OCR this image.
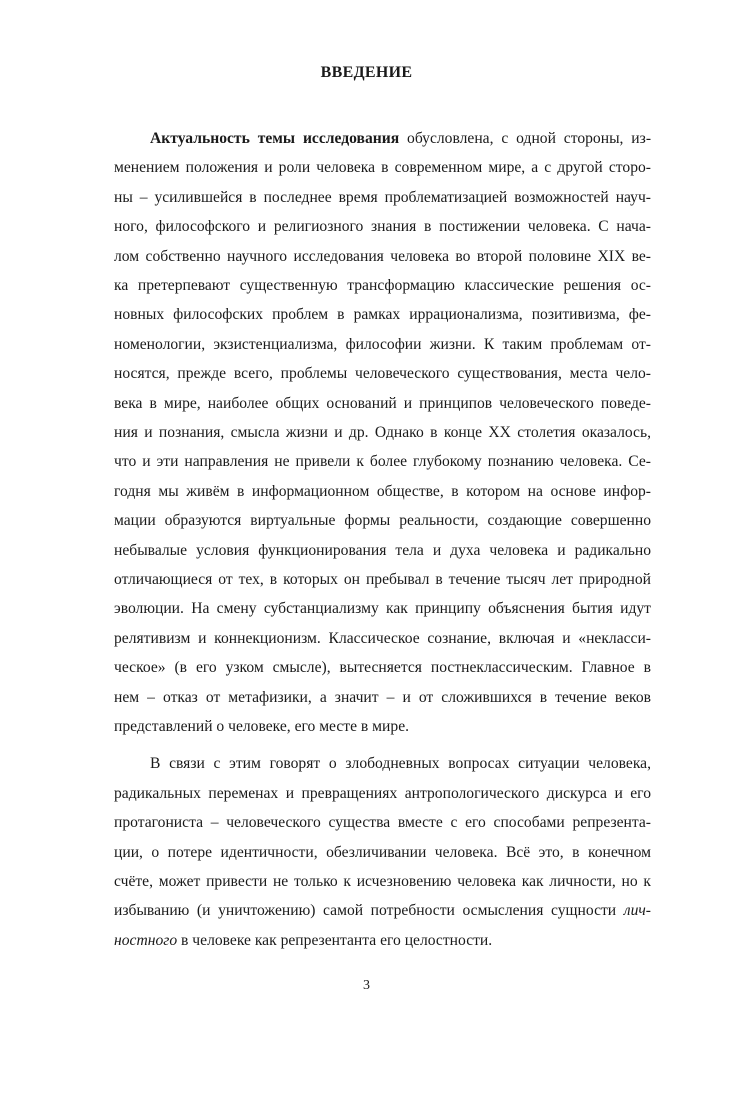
ВВЕДЕНИЕ
Актуальность темы исследования обусловлена, с одной стороны, из-
менением положения и роли человека в современном мире, а с другой сторо-
ны – усилившейся в последнее время проблематизацией возможностей науч-
ного, философского и религиозного знания в постижении человека. С нача-
лом собственно научного исследования человека во второй половине XIX ве-
ка претерпевают существенную трансформацию классические решения ос-
новных философских проблем в рамках иррационализма, позитивизма, фе-
номенологии, экзистенциализма, философии жизни. К таким проблемам от-
носятся, прежде всего, проблемы человеческого существования, места чело-
века в мире, наиболее общих оснований и принципов человеческого поведе-
ния и познания, смысла жизни и др. Однако в конце XX столетия оказалось,
что и эти направления не привели к более глубокому познанию человека. Се-
годня мы живём в информационном обществе, в котором на основе инфор-
мации образуются виртуальные формы реальности, создающие совершенно
небывалые условия функционирования тела и духа человека и радикально
отличающиеся от тех, в которых он пребывал в течение тысяч лет природной
эволюции. На смену субстанциализму как принципу объяснения бытия идут
релятивизм и коннекционизм. Классическое сознание, включая и «некласси-
ческое» (в его узком смысле), вытесняется постнеклассическим. Главное в
нем – отказ от метафизики, а значит – и от сложившихся в течение веков
представлений о человеке, его месте в мире.
В связи с этим говорят о злободневных вопросах ситуации человека,
радикальных переменах и превращениях антропологического дискурса и его
протагониста – человеческого существа вместе с его способами репрезента-
ции, о потере идентичности, обезличивании человека. Всё это, в конечном
счёте, может привести не только к исчезновению человека как личности, но к
избыванию (и уничтожению) самой потребности осмысления сущности лич-
ностного в человеке как репрезентанта его целостности.
3
